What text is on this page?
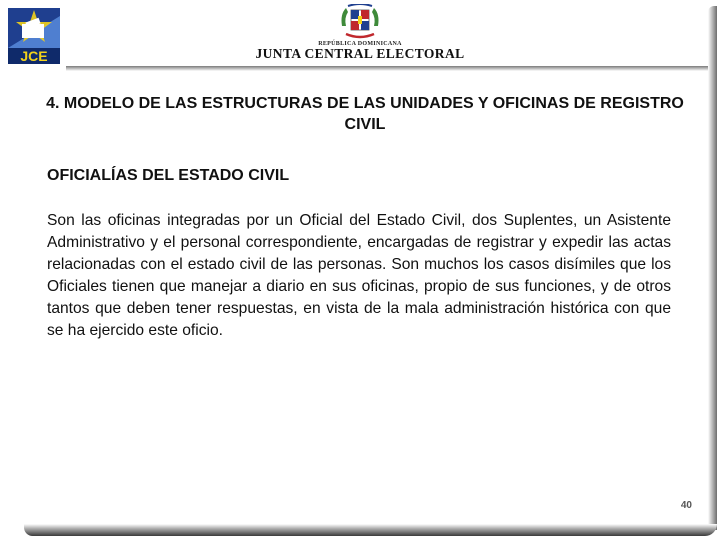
JCE
REPÚBLICA DOMINICANA
JUNTA CENTRAL ELECTORAL
4. MODELO DE LAS ESTRUCTURAS DE LAS UNIDADES Y OFICINAS DE REGISTRO CIVIL
OFICIALÍAS DEL ESTADO CIVIL
Son las oficinas integradas por un Oficial del Estado Civil, dos Suplentes, un Asistente Administrativo y el personal correspondiente, encargadas de registrar y expedir las actas relacionadas con el estado civil de las personas. Son muchos los casos disímiles que los Oficiales tienen que manejar a diario en sus oficinas, propio de sus funciones, y de otros tantos que deben tener respuestas, en vista de la mala administración histórica con que se ha ejercido este oficio.
40
